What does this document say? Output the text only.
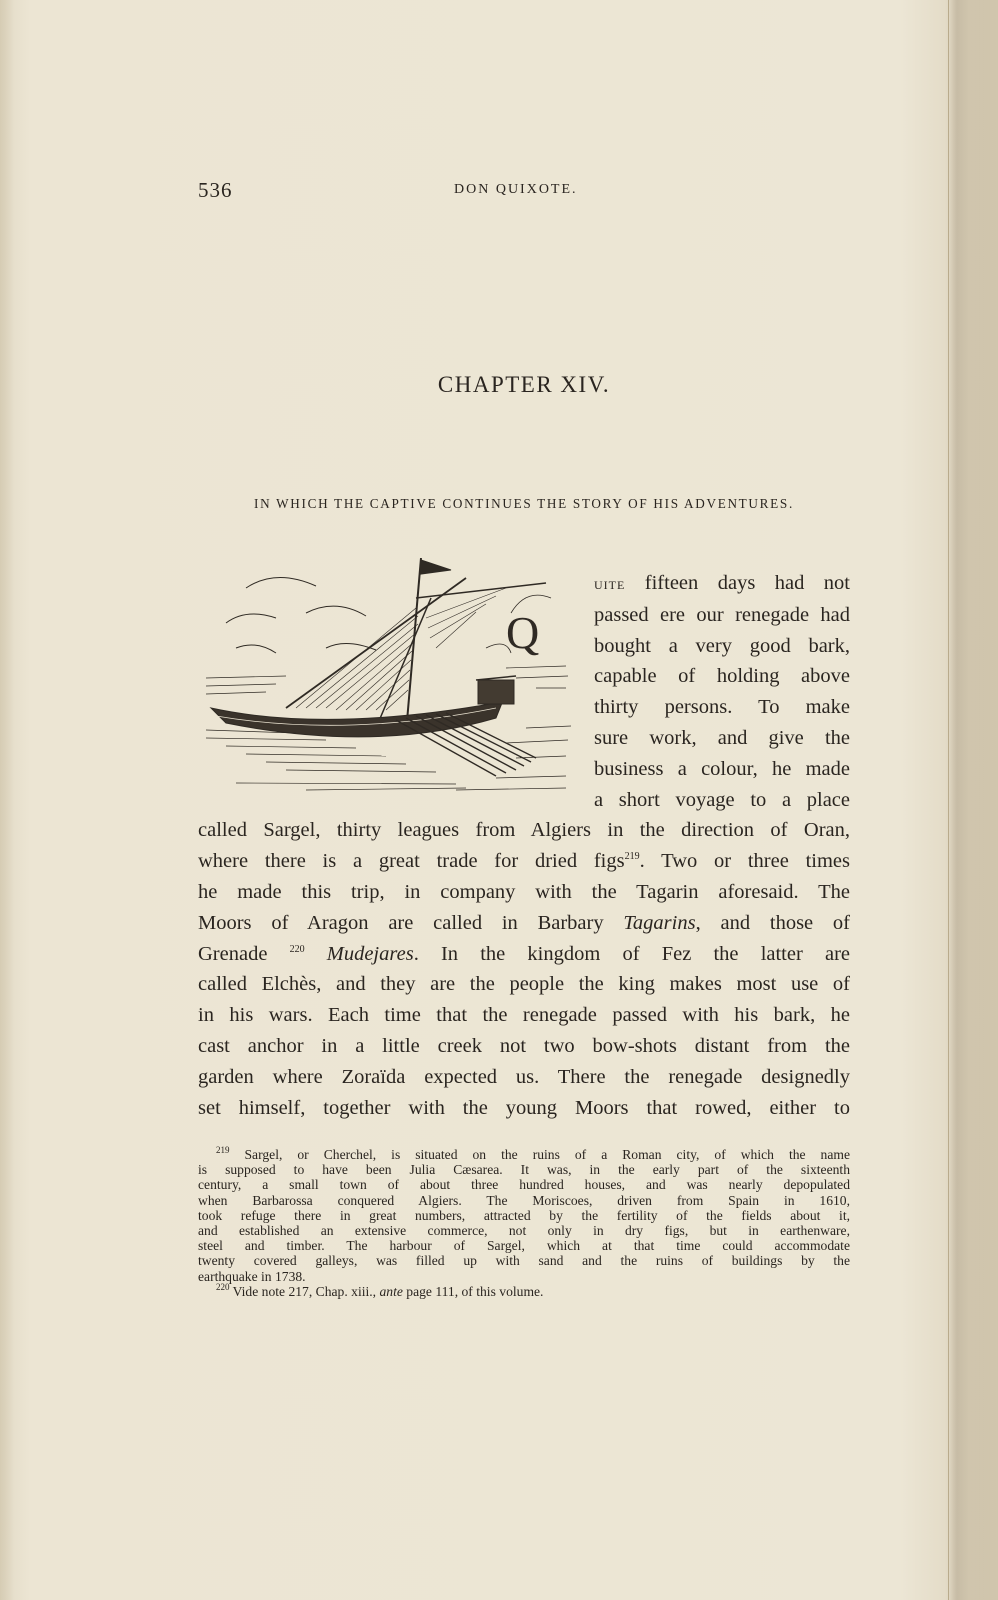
536	DON QUIXOTE.
CHAPTER XIV.
IN WHICH THE CAPTIVE CONTINUES THE STORY OF HIS ADVENTURES.
Q
uite fifteen days had not
passed ere our renegade had
bought a very good bark,
capable of holding above
thirty persons. To make
sure work, and give the
business a colour, he made
a short voyage to a place
called Sargel, thirty leagues from Algiers in the direction of Oran,
where there is a great trade for dried figs$^{219}$. Two or three times
he made this trip, in company with the Tagarin aforesaid. The
Moors of Aragon are called in Barbary Tagarins, and those of
Grenade $^{220}$ Mudejares. In the kingdom of Fez the latter are
called Elchès, and they are the people the king makes most use of
in his wars. Each time that the renegade passed with his bark, he
cast anchor in a little creek not two bow-shots distant from the
garden where Zoraïda expected us. There the renegade designedly
set himself, together with the young Moors that rowed, either to
$^{219}$ Sargel, or Cherchel, is situated on the ruins of a Roman city, of which the name
is supposed to have been Julia Cæsarea. It was, in the early part of the sixteenth
century, a small town of about three hundred houses, and was nearly depopulated
when Barbarossa conquered Algiers. The Moriscoes, driven from Spain in 1610,
took refuge there in great numbers, attracted by the fertility of the fields about it,
and established an extensive commerce, not only in dry figs, but in earthenware,
steel and timber. The harbour of Sargel, which at that time could accommodate
twenty covered galleys, was filled up with sand and the ruins of buildings by the
earthquake in 1738.
$^{220}$ Vide note 217, Chap. xiii., ante page 111, of this volume.
